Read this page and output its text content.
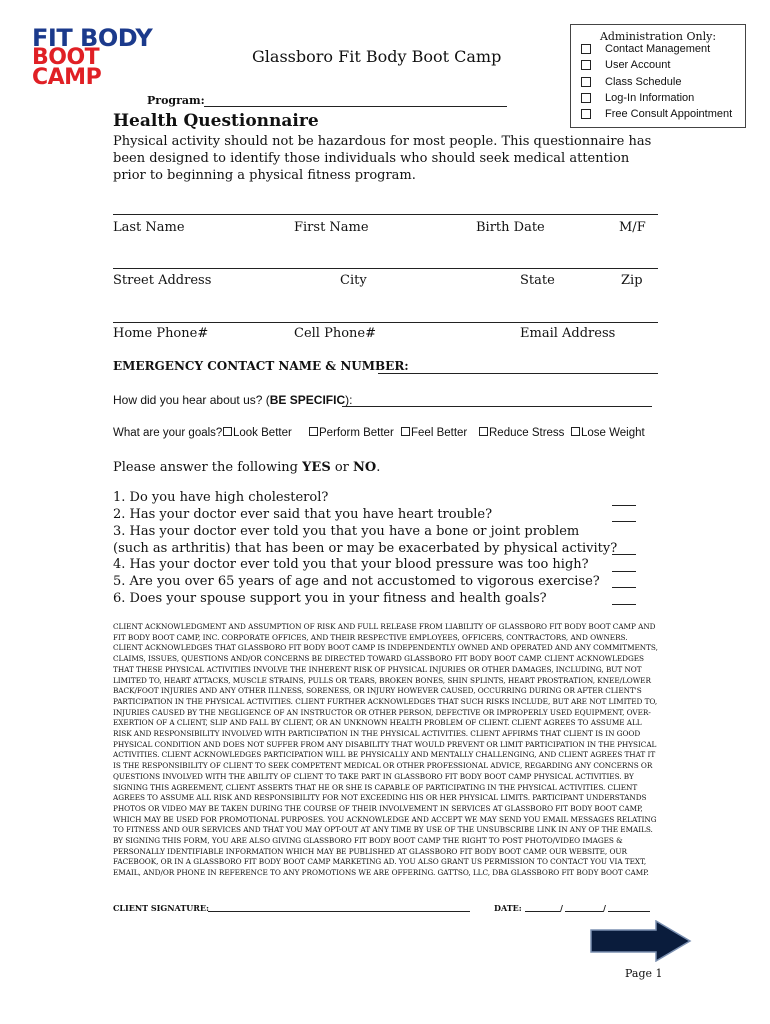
FIT BODY
BOOT CAMP
Glassboro Fit Body Boot Camp
Administration Only:
Contact Management
User Account
Class Schedule
Log-In Information
Free Consult Appointment
Program:
Health Questionnaire
Physical activity should not be hazardous for most people. This questionnaire has been designed to identify those individuals who should seek medical attention prior to beginning a physical fitness program.
Last Name	First Name	Birth Date	M/F
Street Address	City	State	Zip
Home Phone#	Cell Phone#	Email Address
EMERGENCY CONTACT NAME & NUMBER:
How did you hear about us? (BE SPECIFIC):
What are your goals? Look Better	Perform Better	Feel Better	Reduce Stress	Lose Weight
Please answer the following YES or NO.
1. Do you have high cholesterol?
2. Has your doctor ever said that you have heart trouble?
3. Has your doctor ever told you that you have a bone or joint problem
(such as arthritis) that has been or may be exacerbated by physical activity?
4. Has your doctor ever told you that your blood pressure was too high?
5. Are you over 65 years of age and not accustomed to vigorous exercise?
6. Does your spouse support you in your fitness and health goals?
CLIENT ACKNOWLEDGMENT AND ASSUMPTION OF RISK AND FULL RELEASE FROM LIABILITY OF GLASSBORO FIT BODY BOOT CAMP AND FIT BODY BOOT CAMP, INC. CORPORATE OFFICES, AND THEIR RESPECTIVE EMPLOYEES, OFFICERS, CONTRACTORS, AND OWNERS. CLIENT ACKNOWLEDGES THAT GLASSBORO FIT BODY BOOT CAMP IS INDEPENDENTLY OWNED AND OPERATED AND ANY COMMITMENTS, CLAIMS, ISSUES, QUESTIONS AND/OR CONCERNS BE DIRECTED TOWARD GLASSBORO FIT BODY BOOT CAMP. CLIENT ACKNOWLEDGES THAT THESE PHYSICAL ACTIVITIES INVOLVE THE INHERENT RISK OF PHYSICAL INJURIES OR OTHER DAMAGES, INCLUDING, BUT NOT LIMITED TO, HEART ATTACKS, MUSCLE STRAINS, PULLS OR TEARS, BROKEN BONES, SHIN SPLINTS, HEART PROSTRATION, KNEE/LOWER BACK/FOOT INJURIES AND ANY OTHER ILLNESS, SORENESS, OR INJURY HOWEVER CAUSED, OCCURRING DURING OR AFTER CLIENT'S PARTICIPATION IN THE PHYSICAL ACTIVITIES. CLIENT FURTHER ACKNOWLEDGES THAT SUCH RISKS INCLUDE, BUT ARE NOT LIMITED TO, INJURIES CAUSED BY THE NEGLIGENCE OF AN INSTRUCTOR OR OTHER PERSON, DEFECTIVE OR IMPROPERLY USED EQUIPMENT, OVER-EXERTION OF A CLIENT, SLIP AND FALL BY CLIENT, OR AN UNKNOWN HEALTH PROBLEM OF CLIENT. CLIENT AGREES TO ASSUME ALL RISK AND RESPONSIBILITY INVOLVED WITH PARTICIPATION IN THE PHYSICAL ACTIVITIES. CLIENT AFFIRMS THAT CLIENT IS IN GOOD PHYSICAL CONDITION AND DOES NOT SUFFER FROM ANY DISABILITY THAT WOULD PREVENT OR LIMIT PARTICIPATION IN THE PHYSICAL ACTIVITIES. CLIENT ACKNOWLEDGES PARTICIPATION WILL BE PHYSICALLY AND MENTALLY CHALLENGING, AND CLIENT AGREES THAT IT IS THE RESPONSIBILITY OF CLIENT TO SEEK COMPETENT MEDICAL OR OTHER PROFESSIONAL ADVICE, REGARDING ANY CONCERNS OR QUESTIONS INVOLVED WITH THE ABILITY OF CLIENT TO TAKE PART IN GLASSBORO FIT BODY BOOT CAMP PHYSICAL ACTIVITIES. BY SIGNING THIS AGREEMENT, CLIENT ASSERTS THAT HE OR SHE IS CAPABLE OF PARTICIPATING IN THE PHYSICAL ACTIVITIES. CLIENT AGREES TO ASSUME ALL RISK AND RESPONSIBILITY FOR NOT EXCEEDING HIS OR HER PHYSICAL LIMITS. PARTICIPANT UNDERSTANDS PHOTOS OR VIDEO MAY BE TAKEN DURING THE COURSE OF THEIR INVOLVEMENT IN SERVICES AT GLASSBORO FIT BODY BOOT CAMP, WHICH MAY BE USED FOR PROMOTIONAL PURPOSES. YOU ACKNOWLEDGE AND ACCEPT WE MAY SEND YOU EMAIL MESSAGES RELATING TO FITNESS AND OUR SERVICES AND THAT YOU MAY OPT-OUT AT ANY TIME BY USE OF THE UNSUBSCRIBE LINK IN ANY OF THE EMAILS. BY SIGNING THIS FORM, YOU ARE ALSO GIVING GLASSBORO FIT BODY BOOT CAMP THE RIGHT TO POST PHOTO/VIDEO IMAGES & PERSONALLY IDENTIFIABLE INFORMATION WHICH MAY BE PUBLISHED AT GLASSBORO FIT BODY BOOT CAMP. OUR WEBSITE, OUR FACEBOOK, OR IN A GLASSBORO FIT BODY BOOT CAMP MARKETING AD. YOU ALSO GRANT US PERMISSION TO CONTACT YOU VIA TEXT, EMAIL, AND/OR PHONE IN REFERENCE TO ANY PROMOTIONS WE ARE OFFERING. GATTSO, LLC, DBA GLASSBORO FIT BODY BOOT CAMP.
CLIENT SIGNATURE:	DATE:	/	/
Page 1
